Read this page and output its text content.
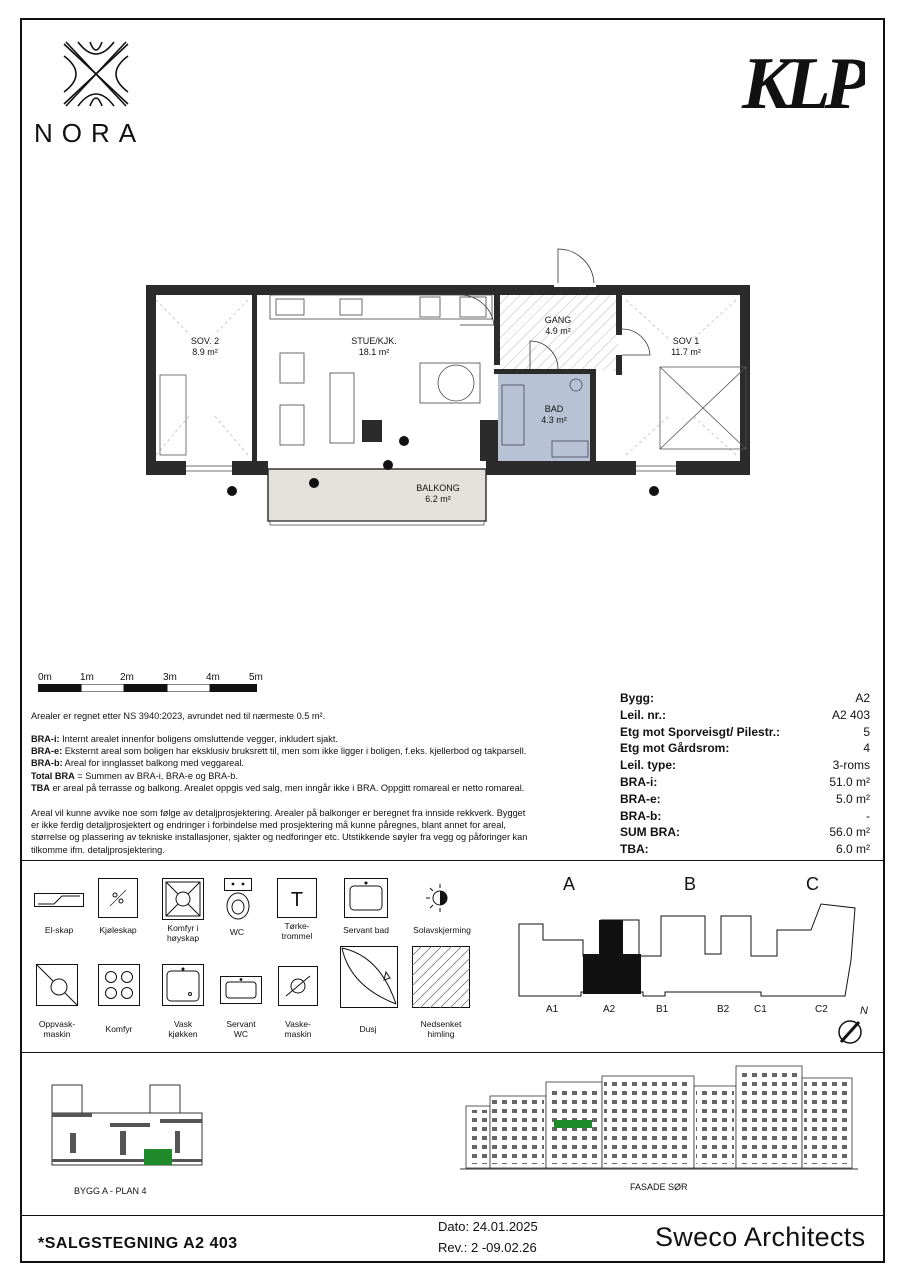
NORA
KLP
SOV. 2
8.9 m²
STUE/KJK.
18.1 m²
GANG
4.9 m²
SOV 1
11.7 m²
BAD
4.3 m²
BALKONG
6.2 m²
0m	1m	2m	3m	4m	5m
Arealer er regnet etter NS 3940:2023, avrundet ned til nærmeste 0.5 m².
BRA-i: Internt arealet innenfor boligens omsluttende vegger, inkludert sjakt.
BRA-e: Eksternt areal som boligen har eksklusiv bruksrett til, men som ikke ligger i boligen, f.eks. kjellerbod og takparsell.
BRA-b: Areal for innglasset balkong med veggareal.
Total BRA = Summen av BRA-i, BRA-e og BRA-b.
TBA er areal på terrasse og balkong. Arealet oppgis ved salg, men inngår ikke i BRA. Oppgitt romareal er netto romareal.
Areal vil kunne avvike noe som følge av detaljprosjektering. Arealer på balkonger er beregnet fra innside rekkverk. Bygget
er ikke ferdig detaljprosjektert og endringer i forbindelse med prosjektering må kunne påregnes, blant annet for areal,
størrelse og plassering av tekniske installasjoner, sjakter og nedforinger etc. Utstikkende søyler fra vegg og påforinger kan
tilkomme ifm. detaljprosjektering.
Bygg:	A2
Leil. nr.:	A2 403
Etg mot Sporveisgt/ Pilestr.:	5
Etg mot Gårdsrom:	4
Leil. type:	3-roms
BRA-i:	51.0 m²
BRA-e:	5.0 m²
BRA-b:	-
SUM BRA:	56.0 m²
TBA:	6.0 m²
El-skap	Kjøleskap	Komfyr i
høyskap
WC
T
Tørke-
trommel
Servant bad	Solavskjerming
Oppvask-
maskin	Komfyr	Vask
kjøkken
Servant
WC
Vaske-
maskin	Dusj	Nedsenket
himling
A	B	C
A1	A2	B1	B2 C1	C2	N
BYGG A - PLAN 4	FASADE SØR
*SALGSTEGNING A2 403
Dato: 24.01.2025
Rev.: 2 -09.02.26	Sweco Architects
